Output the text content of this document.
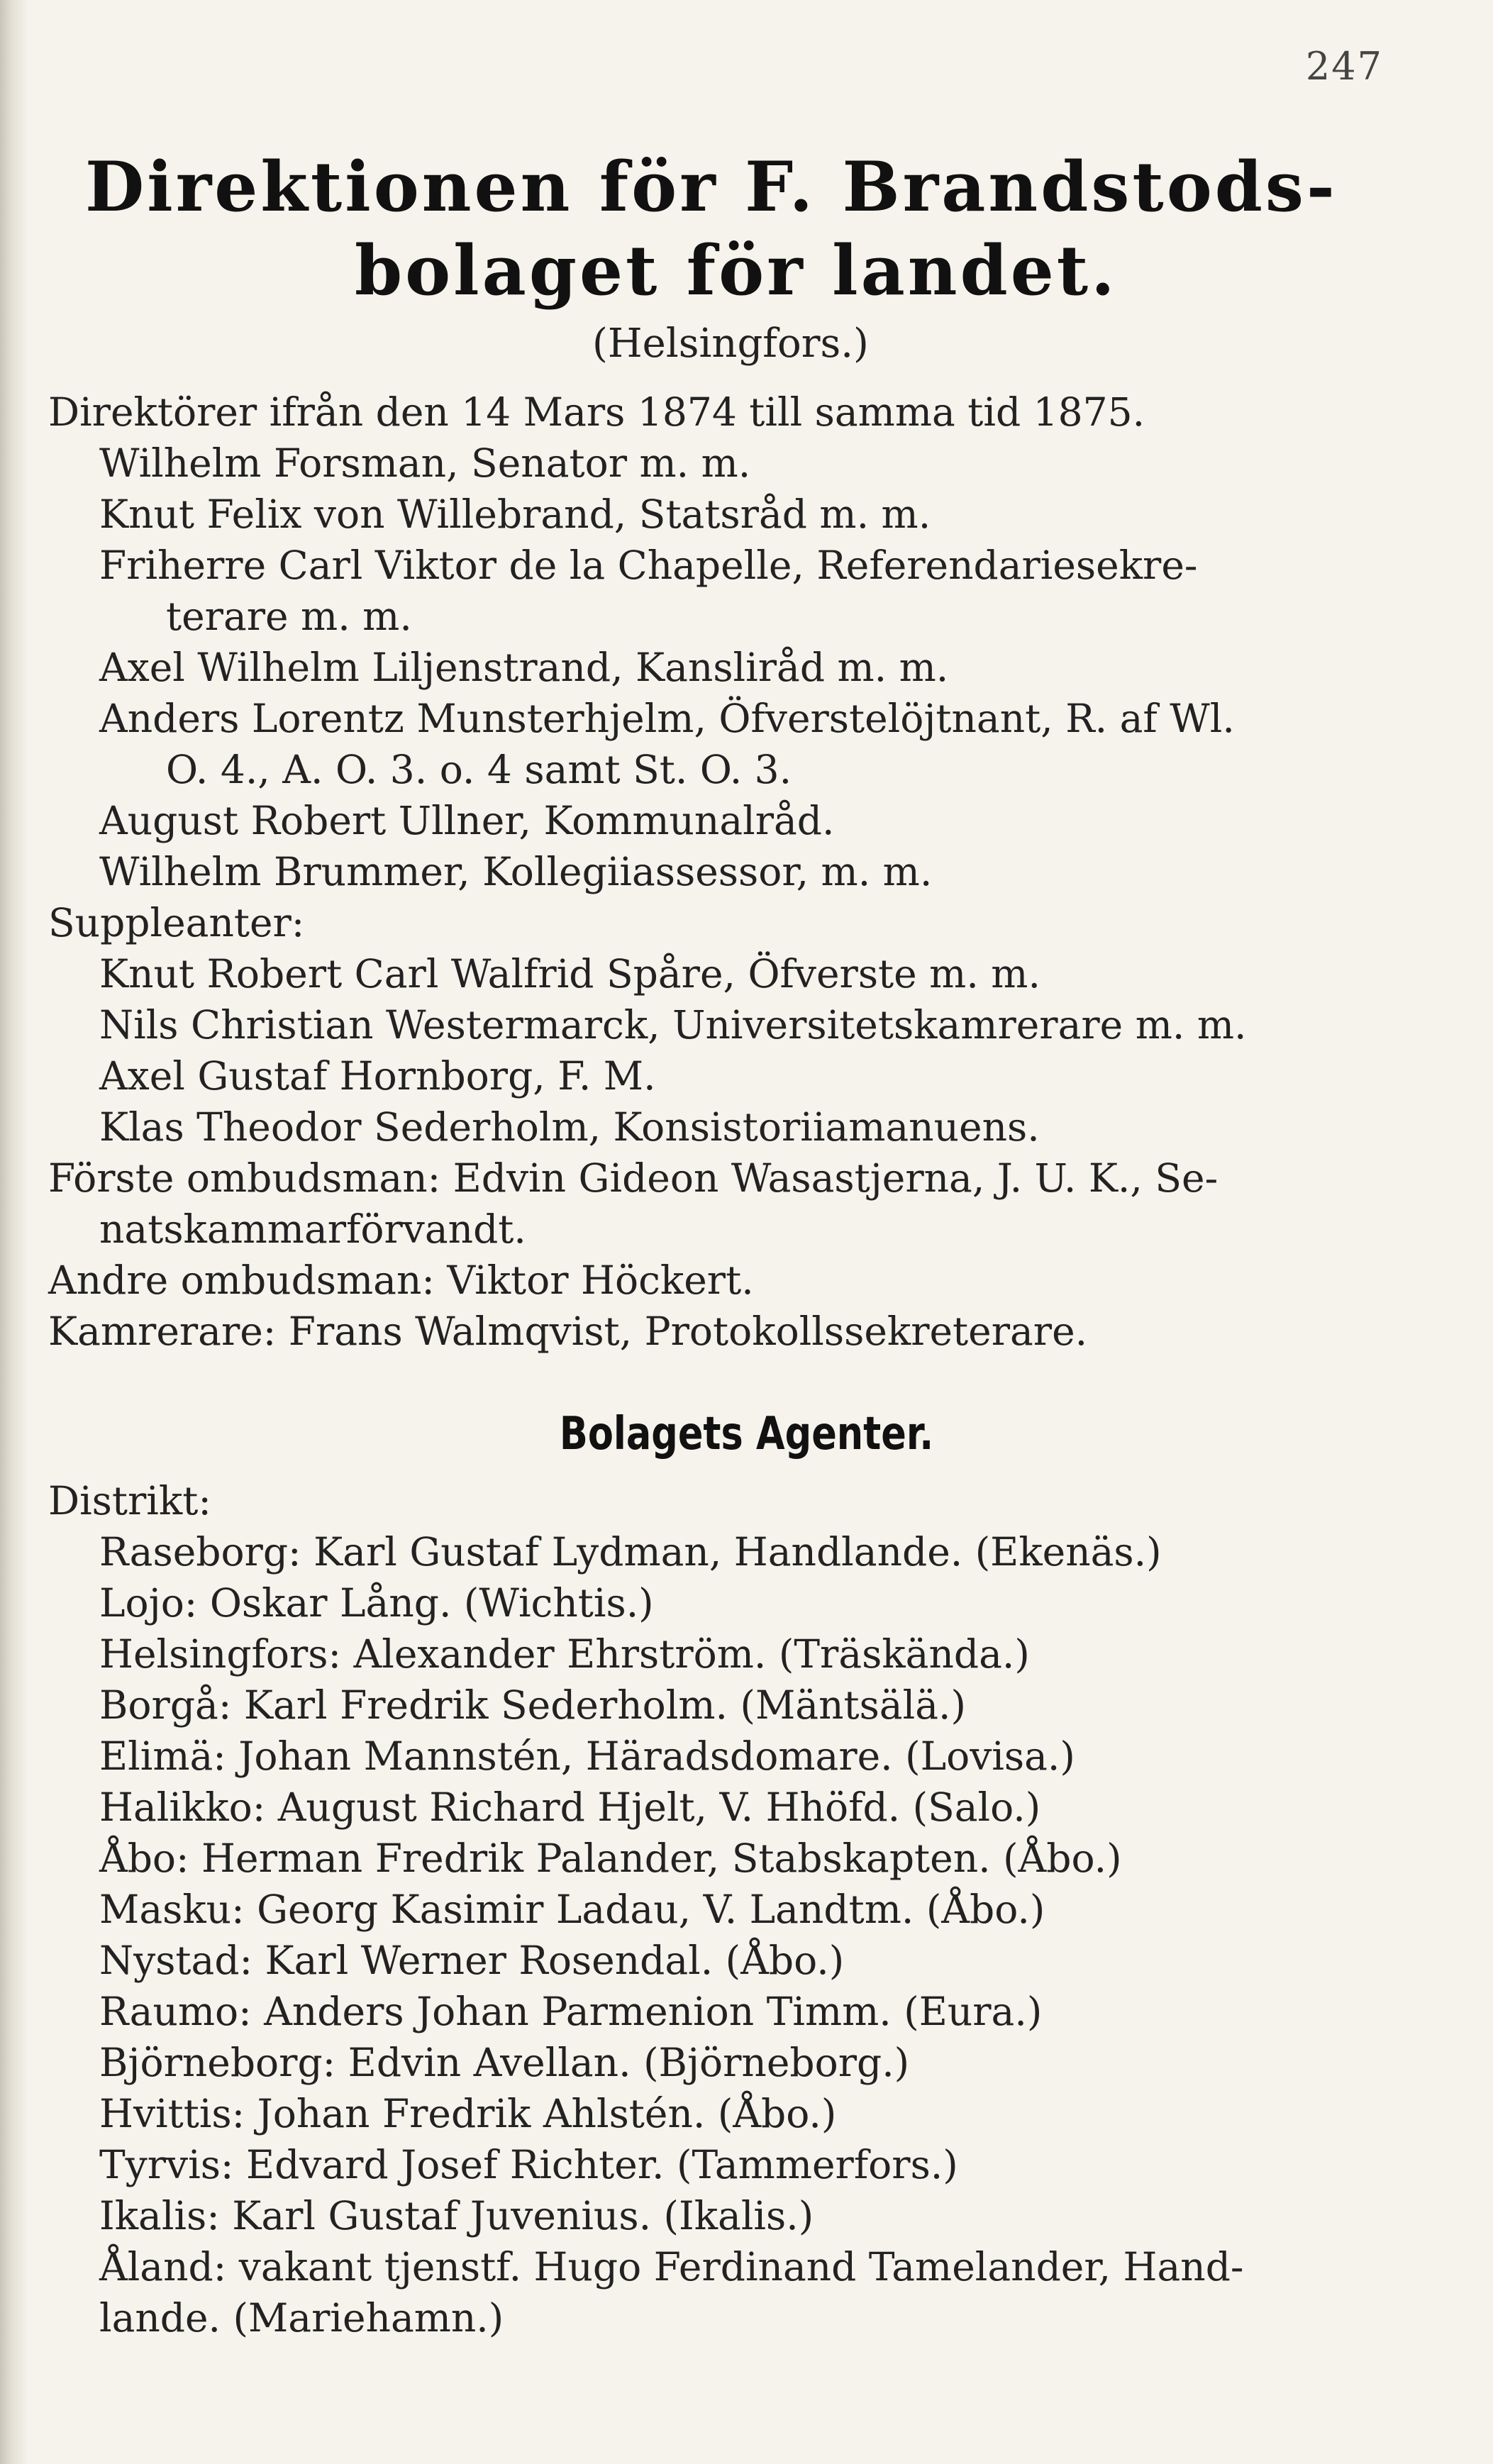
247
Direktionen för F. Brandstods-
bolaget för landet.

(Helsingfors.)

Direktörer ifrån den 14 Mars 1874 till samma tid 1875.
Wilhelm Forsman, Senator m. m.
Knut Felix von Willebrand, Statsråd m. m.
Friherre Carl Viktor de la Chapelle, Referendariesekre-
terare m. m.
Axel Wilhelm Liljenstrand, Kansliråd m. m.
Anders Lorentz Munsterhjelm, Öfverstelöjtnant, R. af Wl.
O. 4., A. O. 3. o. 4 samt St. O. 3.
August Robert Ullner, Kommunalråd.
Wilhelm Brummer, Kollegiiassessor, m. m.
Suppleanter:
Knut Robert Carl Walfrid Spåre, Öfverste m. m.
Nils Christian Westermarck, Universitetskamrerare m. m.
Axel Gustaf Hornborg, F. M.
Klas Theodor Sederholm, Konsistoriiamanuens.
Förste ombudsman: Edvin Gideon Wasastjerna, J. U. K., Se-
natskammarförvandt.
Andre ombudsman: Viktor Höckert.
Kamrerare: Frans Walmqvist, Protokollssekreterare.
Bolagets Agenter.
Distrikt:
Raseborg: Karl Gustaf Lydman, Handlande. (Ekenäs.)
Lojo: Oskar Lång. (Wichtis.)
Helsingfors: Alexander Ehrström. (Träskända.)
Borgå: Karl Fredrik Sederholm. (Mäntsälä.)
Elimä: Johan Mannstén, Häradsdomare. (Lovisa.)
Halikko: August Richard Hjelt, V. Hhöfd. (Salo.)
Åbo: Herman Fredrik Palander, Stabskapten. (Åbo.)
Masku: Georg Kasimir Ladau, V. Landtm. (Åbo.)
Nystad: Karl Werner Rosendal. (Åbo.)
Raumo: Anders Johan Parmenion Timm. (Eura.)
Björneborg: Edvin Avellan. (Björneborg.)
Hvittis: Johan Fredrik Ahlstén. (Åbo.)
Tyrvis: Edvard Josef Richter. (Tammerfors.)
Ikalis: Karl Gustaf Juvenius. (Ikalis.)
Åland: vakant tjenstf. Hugo Ferdinand Tamelander, Hand-
lande. (Mariehamn.)
